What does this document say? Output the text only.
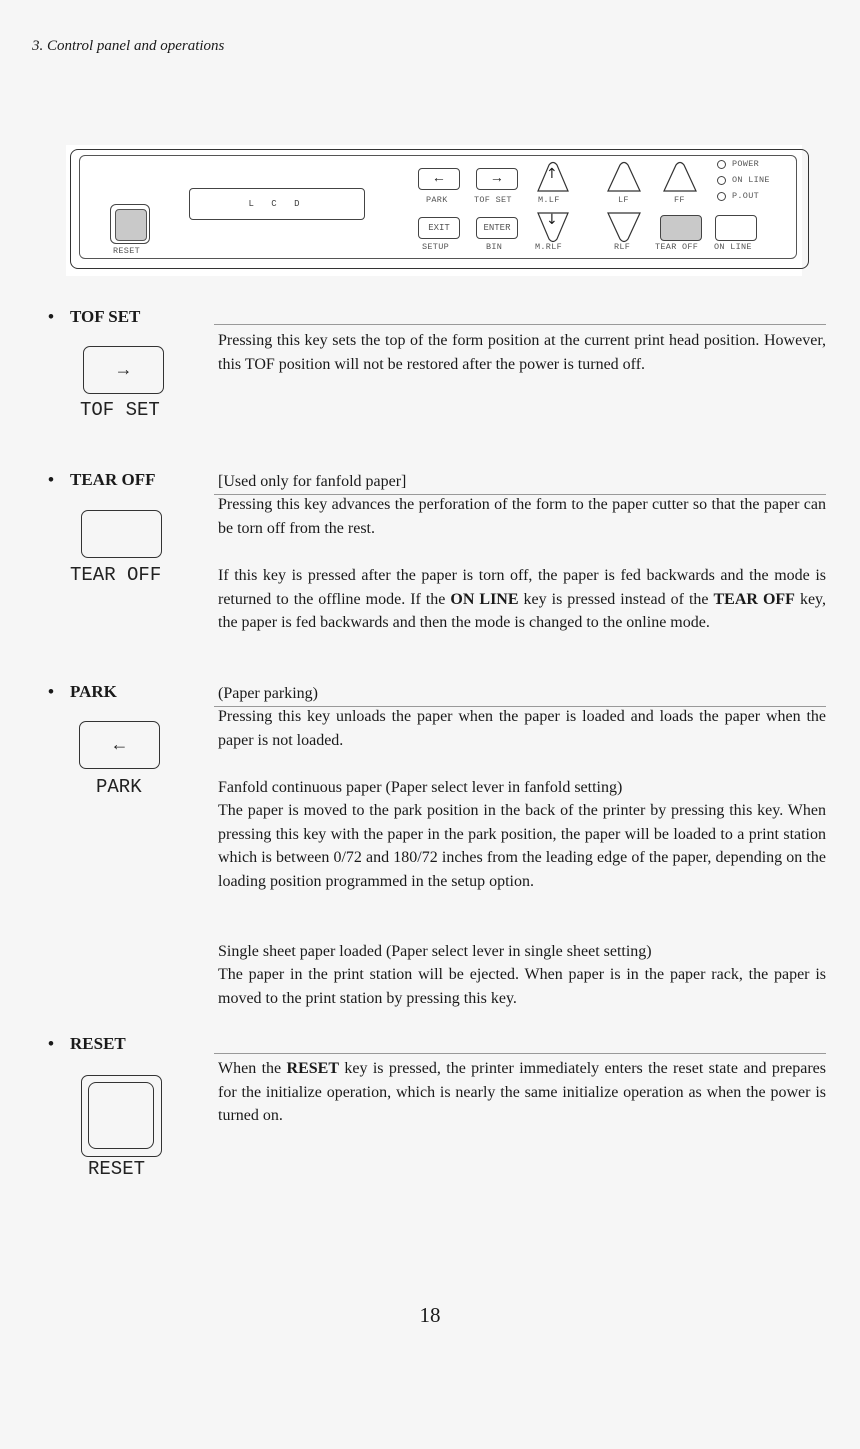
3. Control panel and operations
RESET
L C D
←
PARK
→
TOF SET
↑
M.LF	LF	FF
POWER
ON LINE
P.OUT
EXIT
SETUP
ENTER
BIN
↓
M.RLF	RLF	TEAR OFF ON LINE
• TOF SET
→
TOF SET

Pressing this key sets the top of the form position at the current print head position. However, this TOF position will not be restored after the power is turned off.

• TEAR OFF
TEAR OFF
[Used only for fanfold paper]

Pressing this key advances the perforation of the form to the paper cutter so that the paper can be torn off from the rest.

If this key is pressed after the paper is torn off, the paper is fed backwards and the mode is returned to the offline mode. If the ON LINE key is pressed instead of the TEAR OFF key, the paper is fed backwards and then the mode is changed to the online mode.

• PARK
←
PARK
(Paper parking)

Pressing this key unloads the paper when the paper is loaded and loads the paper when the paper is not loaded.

Fanfold continuous paper (Paper select lever in fanfold setting)

The paper is moved to the park position in the back of the printer by pressing this key. When pressing this key with the paper in the park position, the paper will be loaded to a print station which is between 0/72 and 180/72 inches from the leading edge of the paper, depending on the loading position programmed in the setup option.

Single sheet paper loaded (Paper select lever in single sheet setting)

The paper in the print station will be ejected. When paper is in the paper rack, the paper is moved to the print station by pressing this key.

• RESET
RESET

When the RESET key is pressed, the printer immediately enters the reset state and prepares for the initialize operation, which is nearly the same initialize operation as when the power is turned on.

18
